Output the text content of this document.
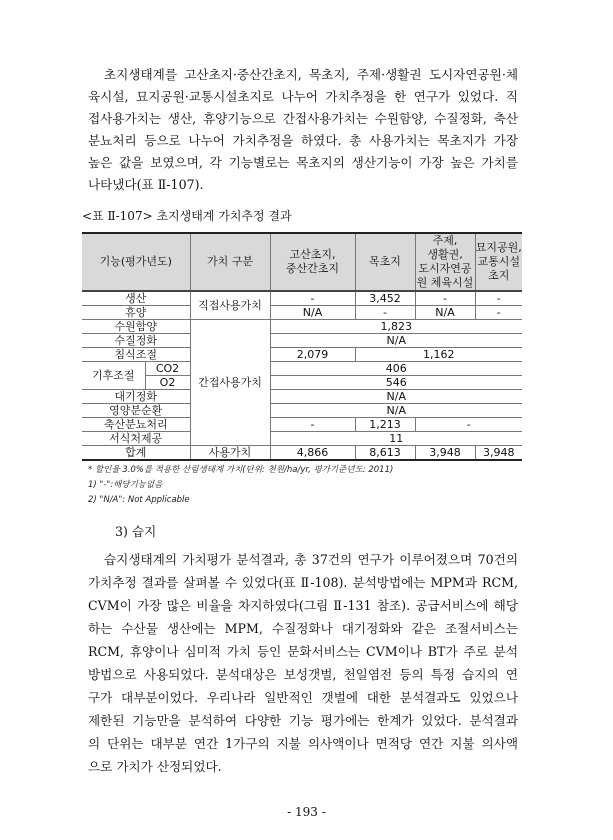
초지생태계를 고산초지·중산간초지, 목초지, 주제·생활권 도시자연공원·체
육시설, 묘지공원·교통시설초지로 나누어 가치추정을 한 연구가 있었다. 직
접사용가치는 생산, 휴양기능으로 간접사용가치는 수원함양, 수질정화, 축산
분뇨처리 등으로 나누어 가치추정을 하였다. 총 사용가치는 목초지가 가장
높은 값을 보였으며, 각 기능별로는 목초지의 생산기능이 가장 높은 가치를
나타냈다(표 Ⅱ-107).
<표 Ⅱ-107> 초지생태계 가치추정 결과
기능(평가년도)		가치 구분	고산초지, 중산간초지	목초지	주제, 생활권, 도시자연공원 체육시설	묘지공원, 교통시설초지
생산		직접사용가치	-	3,452	-	-
휴양			N/A	-	N/A	-
수원함양		간접사용가치	1,823			
수질정화			N/A			
침식조절			2,079	1,162		
기후조절	CO2		406			
	O2		546			
대기정화			N/A			
영양분순환			N/A			
축산분뇨처리			-	1,213	-	
서식처제공			11			
합계		사용가치	4,866	8,613	3,948	3,948
* 할인율 3.0%를 적용한 산림생태계 가치(단위: 천원/ha/yr, 평가기준년도: 2011)
1) "-":해당기능없음
2) "N/A": Not Applicable
3) 습지
습지생태계의 가치평가 분석결과, 총 37건의 연구가 이루어졌으며 70건의
가치추정 결과를 살펴볼 수 있었다(표 Ⅱ-108). 분석방법에는 MPM과 RCM,
CVM이 가장 많은 비율을 차지하였다(그림 Ⅱ-131 참조). 공급서비스에 해당
하는 수산물 생산에는 MPM, 수질정화나 대기정화와 같은 조절서비스는
RCM, 휴양이나 심미적 가치 등인 문화서비스는 CVM이나 BT가 주로 분석
방법으로 사용되었다. 분석대상은 보성갯벌, 천일염전 등의 특정 습지의 연
구가 대부분이었다. 우리나라 일반적인 갯벌에 대한 분석결과도 있었으나
제한된 기능만을 분석하여 다양한 기능 평가에는 한계가 있었다. 분석결과
의 단위는 대부분 연간 1가구의 지불 의사액이나 면적당 연간 지불 의사액
으로 가치가 산정되었다.
- 193 -
